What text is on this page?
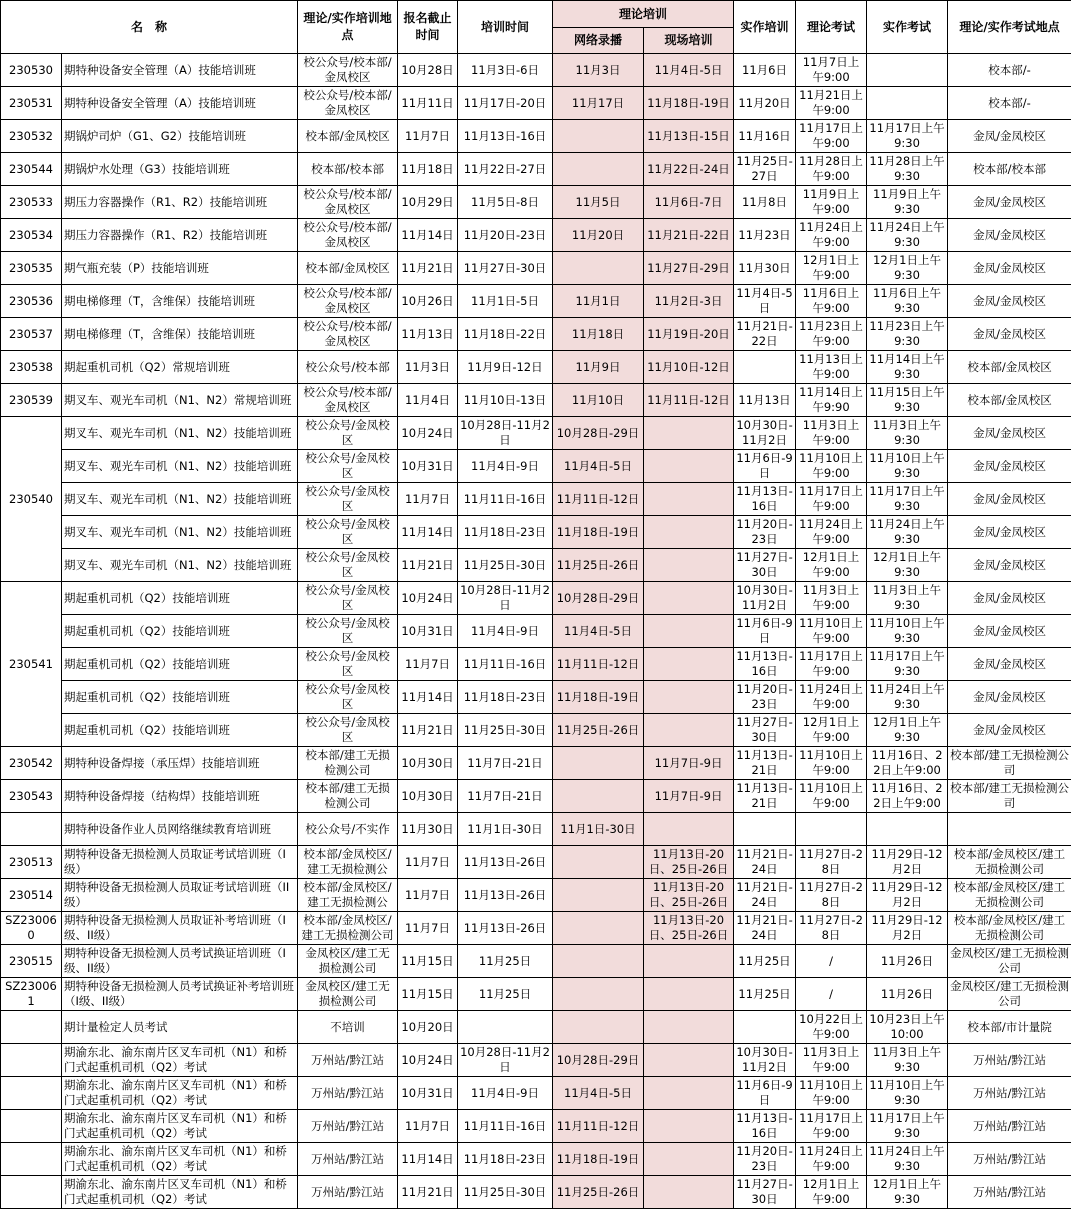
名　称		理论/实作培训地点	报名截止时间	培训时间	理论培训		实作培训	理论考试	实作考试	理论/实作考试地点
					网络录播	现场培训				
230530	期特种设备安全管理（A）技能培训班	校公众号/校本部/金凤校区	10月28日	11月3日-6日	11月3日	11月4日-5日	11月6日	11月7日上午9:00		校本部/-
230531	期特种设备安全管理（A）技能培训班	校公众号/校本部/金凤校区	11月11日	11月17日-20日	11月17日	11月18日-19日	11月20日	11月21日上午9:00		校本部/-
230532	期锅炉司炉（G1、G2）技能培训班	校本部/金凤校区	11月7日	11月13日-16日		11月13日-15日	11月16日	11月17日上午9:00	11月17日上午9:30	金凤/金凤校区
230544	期锅炉水处理（G3）技能培训班	校本部/校本部	11月18日	11月22日-27日		11月22日-24日	11月25日-27日	11月28日上午9:00	11月28日上午9:30	校本部/校本部
230533	期压力容器操作（R1、R2）技能培训班	校公众号/校本部/金凤校区	10月29日	11月5日-8日	11月5日	11月6日-7日	11月8日	11月9日上午9:00	11月9日上午9:30	金凤/金凤校区
230534	期压力容器操作（R1、R2）技能培训班	校公众号/校本部/金凤校区	11月14日	11月20日-23日	11月20日	11月21日-22日	11月23日	11月24日上午9:00	11月24日上午9:30	金凤/金凤校区
230535	期气瓶充装（P）技能培训班	校本部/金凤校区	11月21日	11月27日-30日		11月27日-29日	11月30日	12月1日上午9:00	12月1日上午9:30	金凤/金凤校区
230536	期电梯修理（T，含维保）技能培训班	校公众号/校本部/金凤校区	10月26日	11月1日-5日	11月1日	11月2日-3日	11月4日-5日	11月6日上午9:00	11月6日上午9:30	金凤/金凤校区
230537	期电梯修理（T，含维保）技能培训班	校公众号/校本部/金凤校区	11月13日	11月18日-22日	11月18日	11月19日-20日	11月21日-22日	11月23日上午9:00	11月23日上午9:30	金凤/金凤校区
230538	期起重机司机（Q2）常规培训班	校公众号/校本部	11月3日	11月9日-12日	11月9日	11月10日-12日		11月13日上午9:00	11月14日上午9:30	校本部/金凤校区
230539	期叉车、观光车司机（N1、N2）常规培训班	校公众号/校本部/金凤校区	11月4日	11月10日-13日	11月10日	11月11日-12日	11月13日	11月14日上午9:90	11月15日上午9:30	校本部/金凤校区
230540	期叉车、观光车司机（N1、N2）技能培训班	校公众号/金凤校区	10月24日	10月28日-11月2日	10月28日-29日		10月30日-11月2日	11月3日上午9:00	11月3日上午9:30	金凤/金凤校区
	期叉车、观光车司机（N1、N2）技能培训班	校公众号/金凤校区	10月31日	11月4日-9日	11月4日-5日		11月6日-9日	11月10日上午9:00	11月10日上午9:30	金凤/金凤校区
	期叉车、观光车司机（N1、N2）技能培训班	校公众号/金凤校区	11月7日	11月11日-16日	11月11日-12日		11月13日-16日	11月17日上午9:00	11月17日上午9:30	金凤/金凤校区
	期叉车、观光车司机（N1、N2）技能培训班	校公众号/金凤校区	11月14日	11月18日-23日	11月18日-19日		11月20日-23日	11月24日上午9:00	11月24日上午9:30	金凤/金凤校区
	期叉车、观光车司机（N1、N2）技能培训班	校公众号/金凤校区	11月21日	11月25日-30日	11月25日-26日		11月27日-30日	12月1日上午9:00	12月1日上午9:30	金凤/金凤校区
230541	期起重机司机（Q2）技能培训班	校公众号/金凤校区	10月24日	10月28日-11月2日	10月28日-29日		10月30日-11月2日	11月3日上午9:00	11月3日上午9:30	金凤/金凤校区
	期起重机司机（Q2）技能培训班	校公众号/金凤校区	10月31日	11月4日-9日	11月4日-5日		11月6日-9日	11月10日上午9:00	11月10日上午9:30	金凤/金凤校区
	期起重机司机（Q2）技能培训班	校公众号/金凤校区	11月7日	11月11日-16日	11月11日-12日		11月13日-16日	11月17日上午9:00	11月17日上午9:30	金凤/金凤校区
	期起重机司机（Q2）技能培训班	校公众号/金凤校区	11月14日	11月18日-23日	11月18日-19日		11月20日-23日	11月24日上午9:00	11月24日上午9:30	金凤/金凤校区
	期起重机司机（Q2）技能培训班	校公众号/金凤校区	11月21日	11月25日-30日	11月25日-26日		11月27日-30日	12月1日上午9:00	12月1日上午9:30	金凤/金凤校区
230542	期特种设备焊接（承压焊）技能培训班	校本部/建工无损检测公司	10月30日	11月7日-21日		11月7日-9日	11月13日-21日	11月10日上午9:00	11月16日、22日上午9:00	校本部/建工无损检测公司
230543	期特种设备焊接（结构焊）技能培训班	校本部/建工无损检测公司	10月30日	11月7日-21日		11月7日-9日	11月13日-21日	11月10日上午9:00	11月16日、22日上午9:00	校本部/建工无损检测公司
	期特种设备作业人员网络继续教育培训班	校公众号/不实作	11月30日	11月1日-30日	11月1日-30日					
230513	期特种设备无损检测人员取证考试培训班（I级）	校本部/金凤校区/建工无损检测公	11月7日	11月13日-26日		11月13日-20日、25日-26日	11月21日-24日	11月27日-28日	11月29日-12月2日	校本部/金凤校区/建工无损检测公司
230514	期特种设备无损检测人员取证考试培训班（II级）	校本部/金凤校区/建工无损检测公	11月7日	11月13日-26日		11月13日-20日、25日-26日	11月21日-24日	11月27日-28日	11月29日-12月2日	校本部/金凤校区/建工无损检测公司
SZ230060	期特种设备无损检测人员取证补考培训班（I级、II级）	校本部/金凤校区/建工无损检测公司	11月7日	11月13日-26日		11月13日-20日、25日-26日	11月21日-24日	11月27日-28日	11月29日-12月2日	校本部/金凤校区/建工无损检测公司
230515	期特种设备无损检测人员考试换证培训班（I级、II级）	金凤校区/建工无损检测公司	11月15日	11月25日			11月25日	/	11月26日	金凤校区/建工无损检测公司
SZ230061	期特种设备无损检测人员考试换证补考培训班（I级、II级）	金凤校区/建工无损检测公司	11月15日	11月25日			11月25日	/	11月26日	金凤校区/建工无损检测公司
	期计量检定人员考试	不培训	10月20日					10月22日上午9:00	10月23日上午10:00	校本部/市计量院
	期渝东北、渝东南片区叉车司机（N1）和桥门式起重机司机（Q2）考试	万州站/黔江站	10月24日	10月28日-11月2日	10月28日-29日		10月30日-11月2日	11月3日上午9:00	11月3日上午9:30	万州站/黔江站
	期渝东北、渝东南片区叉车司机（N1）和桥门式起重机司机（Q2）考试	万州站/黔江站	10月31日	11月4日-9日	11月4日-5日		11月6日-9日	11月10日上午9:00	11月10日上午9:30	万州站/黔江站
	期渝东北、渝东南片区叉车司机（N1）和桥门式起重机司机（Q2）考试	万州站/黔江站	11月7日	11月11日-16日	11月11日-12日		11月13日-16日	11月17日上午9:00	11月17日上午9:30	万州站/黔江站
	期渝东北、渝东南片区叉车司机（N1）和桥门式起重机司机（Q2）考试	万州站/黔江站	11月14日	11月18日-23日	11月18日-19日		11月20日-23日	11月24日上午9:00	11月24日上午9:30	万州站/黔江站
	期渝东北、渝东南片区叉车司机（N1）和桥门式起重机司机（Q2）考试	万州站/黔江站	11月21日	11月25日-30日	11月25日-26日		11月27日-30日	12月1日上午9:00	12月1日上午9:30	万州站/黔江站
